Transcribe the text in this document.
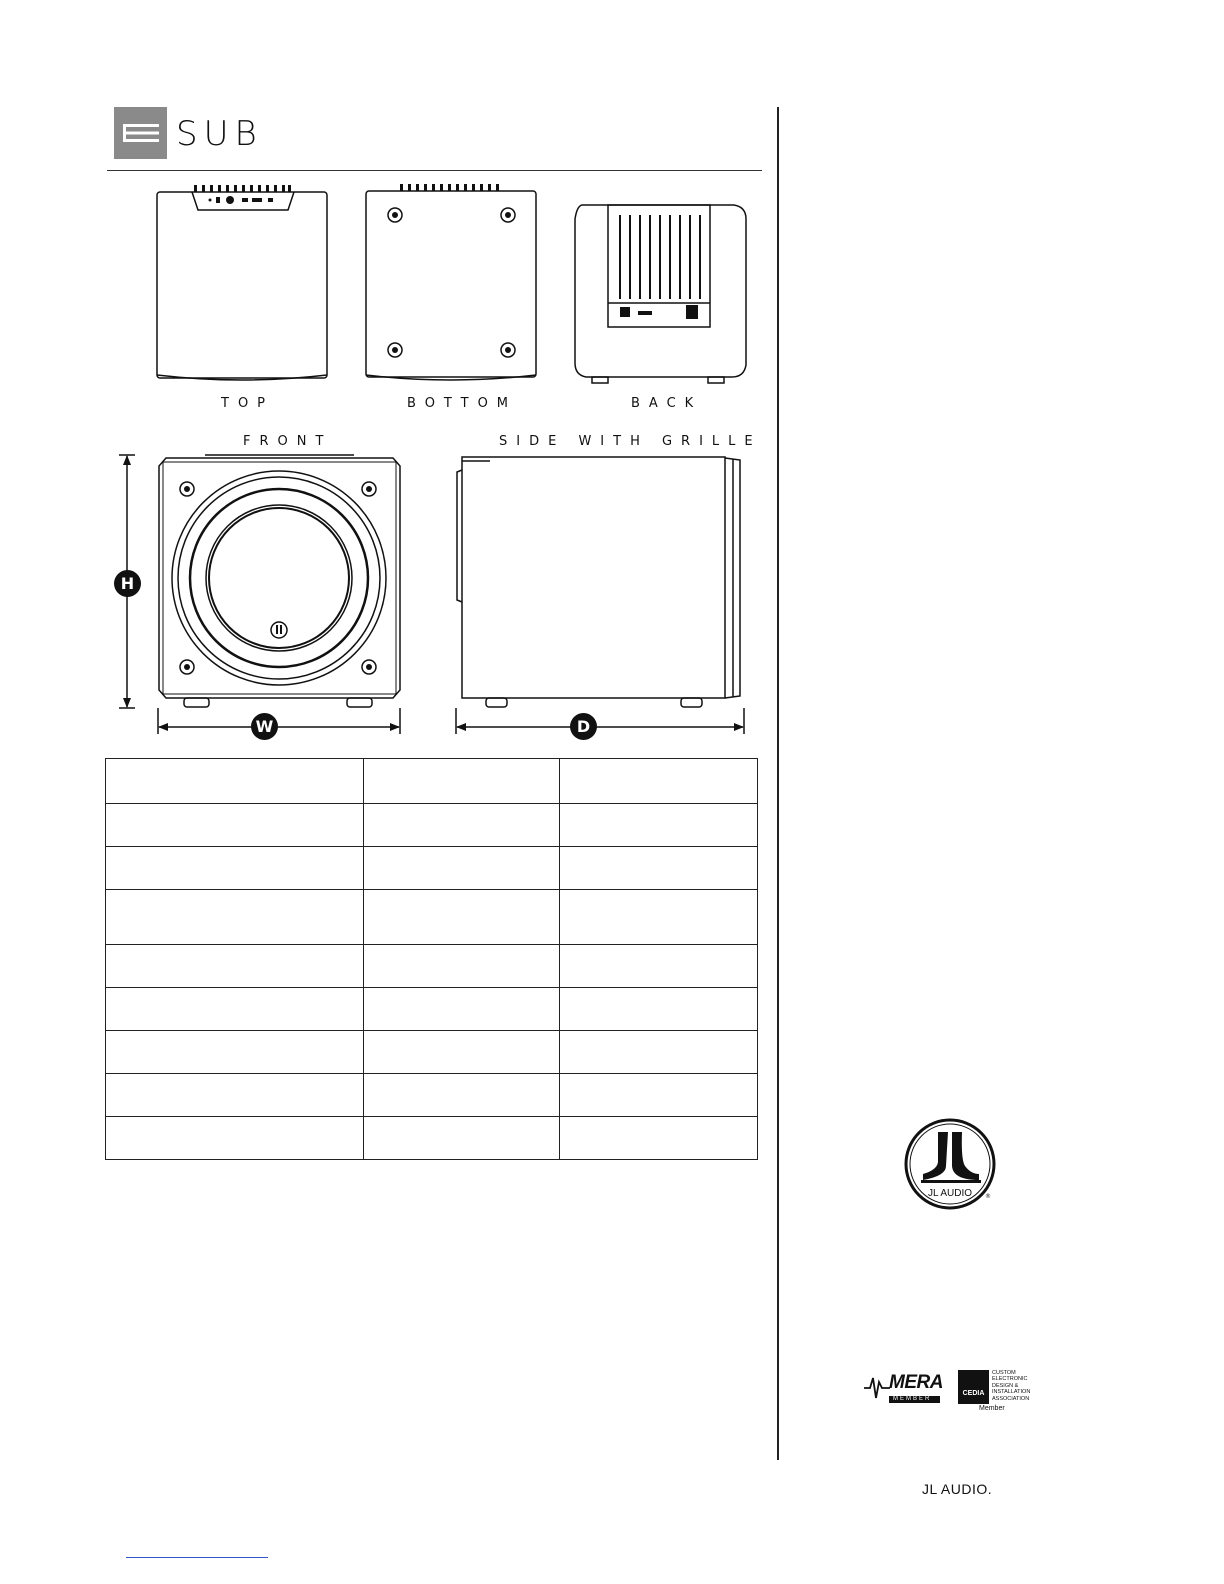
SUB
TOP	BOTTOM	BACK
FRONT	SIDE WITH GRILLE
H
W	D

JL AUDIO ®
MERA
MEMBER
CEDIA
CUSTOM
ELECTRONIC
DESIGN &
INSTALLATION
ASSOCIATION
Member
JL AUDIO.
